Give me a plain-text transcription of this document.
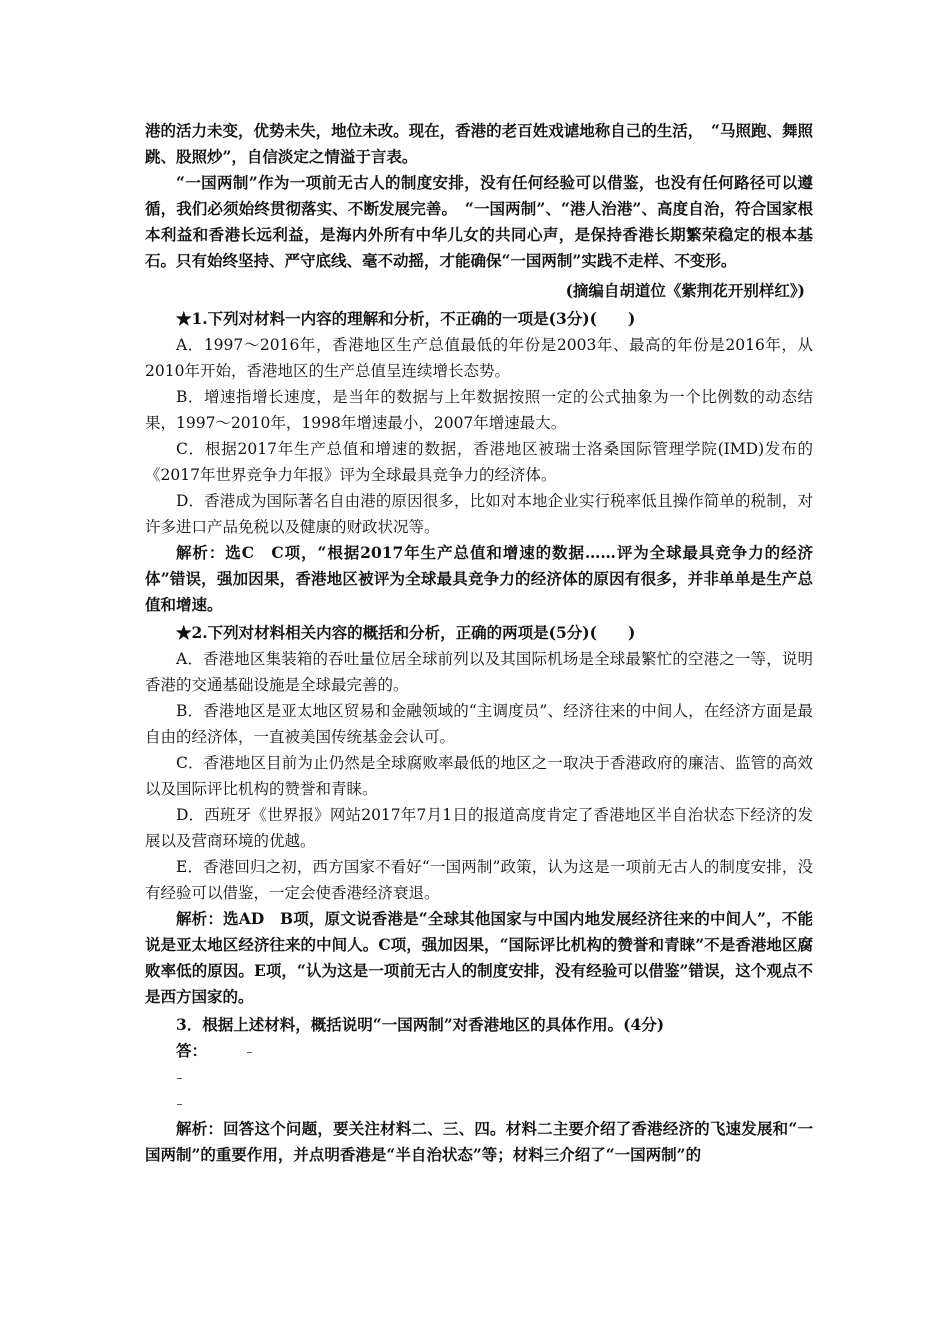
港的活力未变，优势未失，地位未改。现在，香港的老百姓戏谑地称自己的生活，　“马照跑、舞照跳、股照炒”，自信淡定之情溢于言表。

“一国两制”作为一项前无古人的制度安排，没有任何经验可以借鉴，也没有任何路径可以遵循，我们必须始终贯彻落实、不断发展完善。　“一国两制”、“港人治港”、高度自治，符合国家根本利益和香港长远利益，是海内外所有中华儿女的共同心声，是保持香港长期繁荣稳定的根本基石。只有始终坚持、严守底线、毫不动摇，才能确保“一国两制”实践不走样、不变形。

(摘编自胡道位《紫荆花开别样红》)

★1.下列对材料一内容的理解和分析，不正确的一项是(3分)(　　)

A．1997～2016年，香港地区生产总值最低的年份是2003年、最高的年份是2016年，从2010年开始，香港地区的生产总值呈连续增长态势。

B．增速指增长速度，是当年的数据与上年数据按照一定的公式抽象为一个比例数的动态结果，1997～2010年，1998年增速最小，2007年增速最大。

C．根据2017年生产总值和增速的数据，香港地区被瑞士洛桑国际管理学院(IMD)发布的《2017年世界竞争力年报》评为全球最具竞争力的经济体。

D．香港成为国际著名自由港的原因很多，比如对本地企业实行税率低且操作简单的税制，对许多进口产品免税以及健康的财政状况等。

解析：选C　C项，“根据2017年生产总值和增速的数据……评为全球最具竞争力的经济体”错误，强加因果，香港地区被评为全球最具竞争力的经济体的原因有很多，并非单单是生产总值和增速。

★2.下列对材料相关内容的概括和分析，正确的两项是(5分)(　　)

A．香港地区集装箱的吞吐量位居全球前列以及其国际机场是全球最繁忙的空港之一等，说明香港的交通基础设施是全球最完善的。

B．香港地区是亚太地区贸易和金融领域的“主调度员”、经济往来的中间人，在经济方面是最自由的经济体，一直被美国传统基金会认可。

C．香港地区目前为止仍然是全球腐败率最低的地区之一取决于香港政府的廉洁、监管的高效以及国际评比机构的赞誉和青睐。

D．西班牙《世界报》网站2017年7月1日的报道高度肯定了香港地区半自治状态下经济的发展以及营商环境的优越。

E．香港回归之初，西方国家不看好“一国两制”政策，认为这是一项前无古人的制度安排，没有经验可以借鉴，一定会使香港经济衰退。

解析：选AD　B项，原文说香港是“全球其他国家与中国内地发展经济往来的中间人”，不能说是亚太地区经济往来的中间人。C项，强加因果，“国际评比机构的赞誉和青睐”不是香港地区腐败率低的原因。E项，“认为这是一项前无古人的制度安排，没有经验可以借鉴”错误，这个观点不是西方国家的。

3．根据上述材料，概括说明“一国两制”对香港地区的具体作用。(4分)

答：

解析：回答这个问题，要关注材料二、三、四。材料二主要介绍了香港经济的飞速发展和“一国两制”的重要作用，并点明香港是“半自治状态”等；材料三介绍了“一国两制”的
